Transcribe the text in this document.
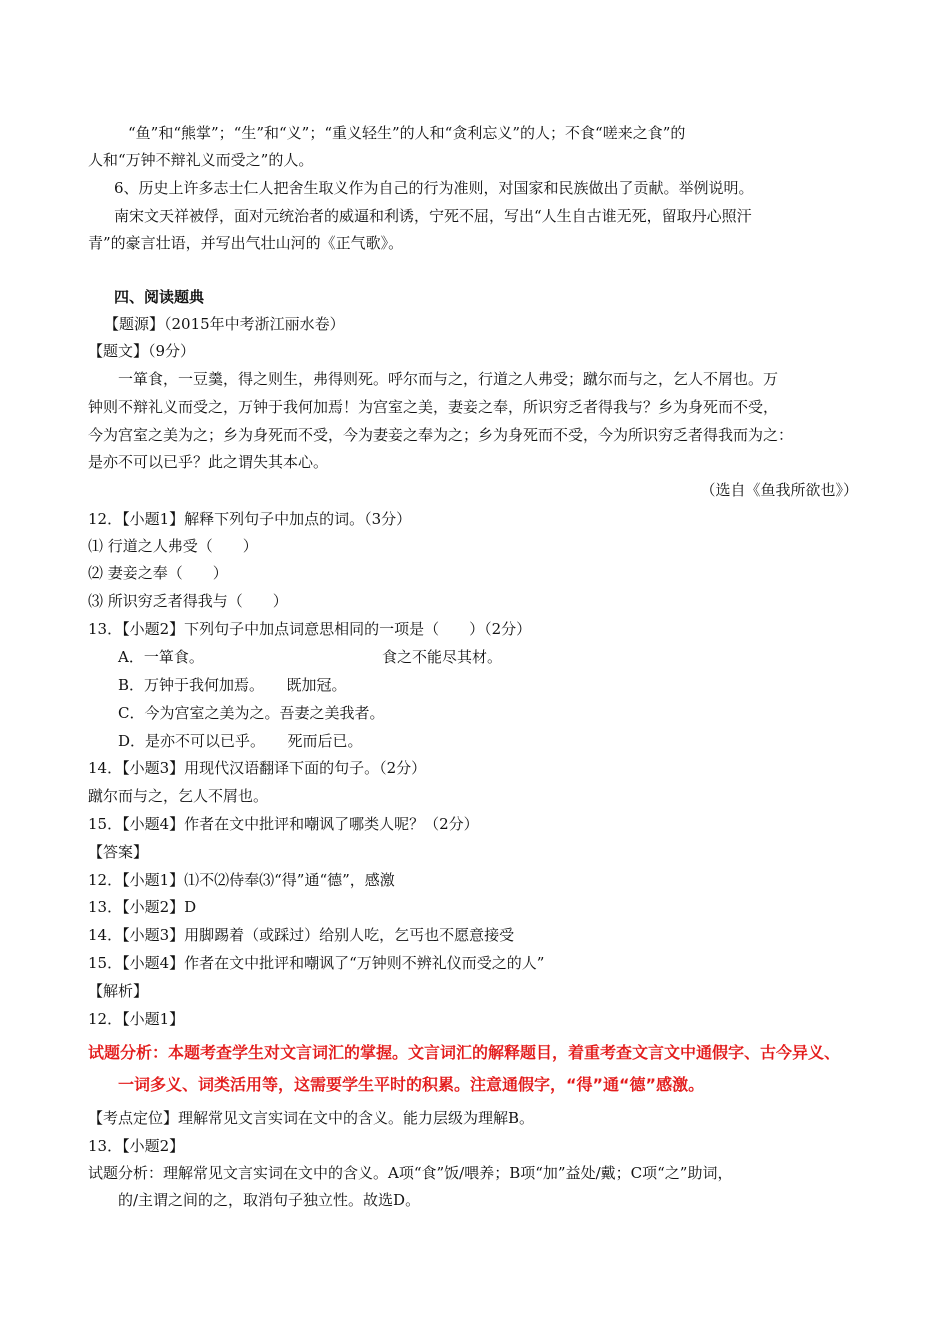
“鱼”和“熊掌”；“生”和“义”；“重义轻生”的人和“贪利忘义”的人；不食“嗟来之食”的
人和“万钟不辩礼义而受之”的人。
6、历史上许多志士仁人把舍生取义作为自己的行为准则，对国家和民族做出了贡献。举例说明。
南宋文天祥被俘，面对元统治者的威逼和利诱，宁死不屈，写出“人生自古谁无死，留取丹心照汗
青”的豪言壮语，并写出气壮山河的《正气歌》。
四、阅读题典
【题源】（2015年中考浙江丽水卷）
【题文】（9分）
一箪食，一豆羹，得之则生，弗得则死。呼尔而与之，行道之人弗受；蹴尔而与之，乞人不屑也。万
钟则不辩礼义而受之，万钟于我何加焉！为宫室之美，妻妾之奉，所识穷乏者得我与？乡为身死而不受，
今为宫室之美为之；乡为身死而不受，今为妻妾之奉为之；乡为身死而不受，今为所识穷乏者得我而为之：
是亦不可以已乎？此之谓失其本心。
（选自《鱼我所欲也》）
12．【小题1】解释下列句子中加点的词。（3分）
⑴ 行道之人弗受（　　）
⑵ 妻妾之奉（　　）
⑶ 所识穷乏者得我与（　　）
13．【小题2】下列句子中加点词意思相同的一项是（　　）（2分）
A．一箪食。	食之不能尽其材。
B．万钟于我何加焉。　　既加冠。
C．今为宫室之美为之。吾妻之美我者。
D．是亦不可以已乎。　　死而后已。
14．【小题3】用现代汉语翻译下面的句子。（2分）
蹴尔而与之，乞人不屑也。
15．【小题4】作者在文中批评和嘲讽了哪类人呢？（2分）
【答案】
12．【小题1】⑴不⑵侍奉⑶“得”通“德”，感激
13．【小题2】D
14．【小题3】用脚踢着（或踩过）给别人吃，乞丐也不愿意接受
15．【小题4】作者在文中批评和嘲讽了“万钟则不辨礼仪而受之的人”
【解析】
12．【小题1】
试题分析：本题考查学生对文言词汇的掌握。文言词汇的解释题目，着重考查文言文中通假字、古今异义、
一词多义、词类活用等，这需要学生平时的积累。注意通假字，“得”通“德”感激。
【考点定位】理解常见文言实词在文中的含义。能力层级为理解B。
13．【小题2】
试题分析：理解常见文言实词在文中的含义。A项“食”饭/喂养；B项“加”益处/戴；C项“之”助词，
的/主谓之间的之，取消句子独立性。故选D。
